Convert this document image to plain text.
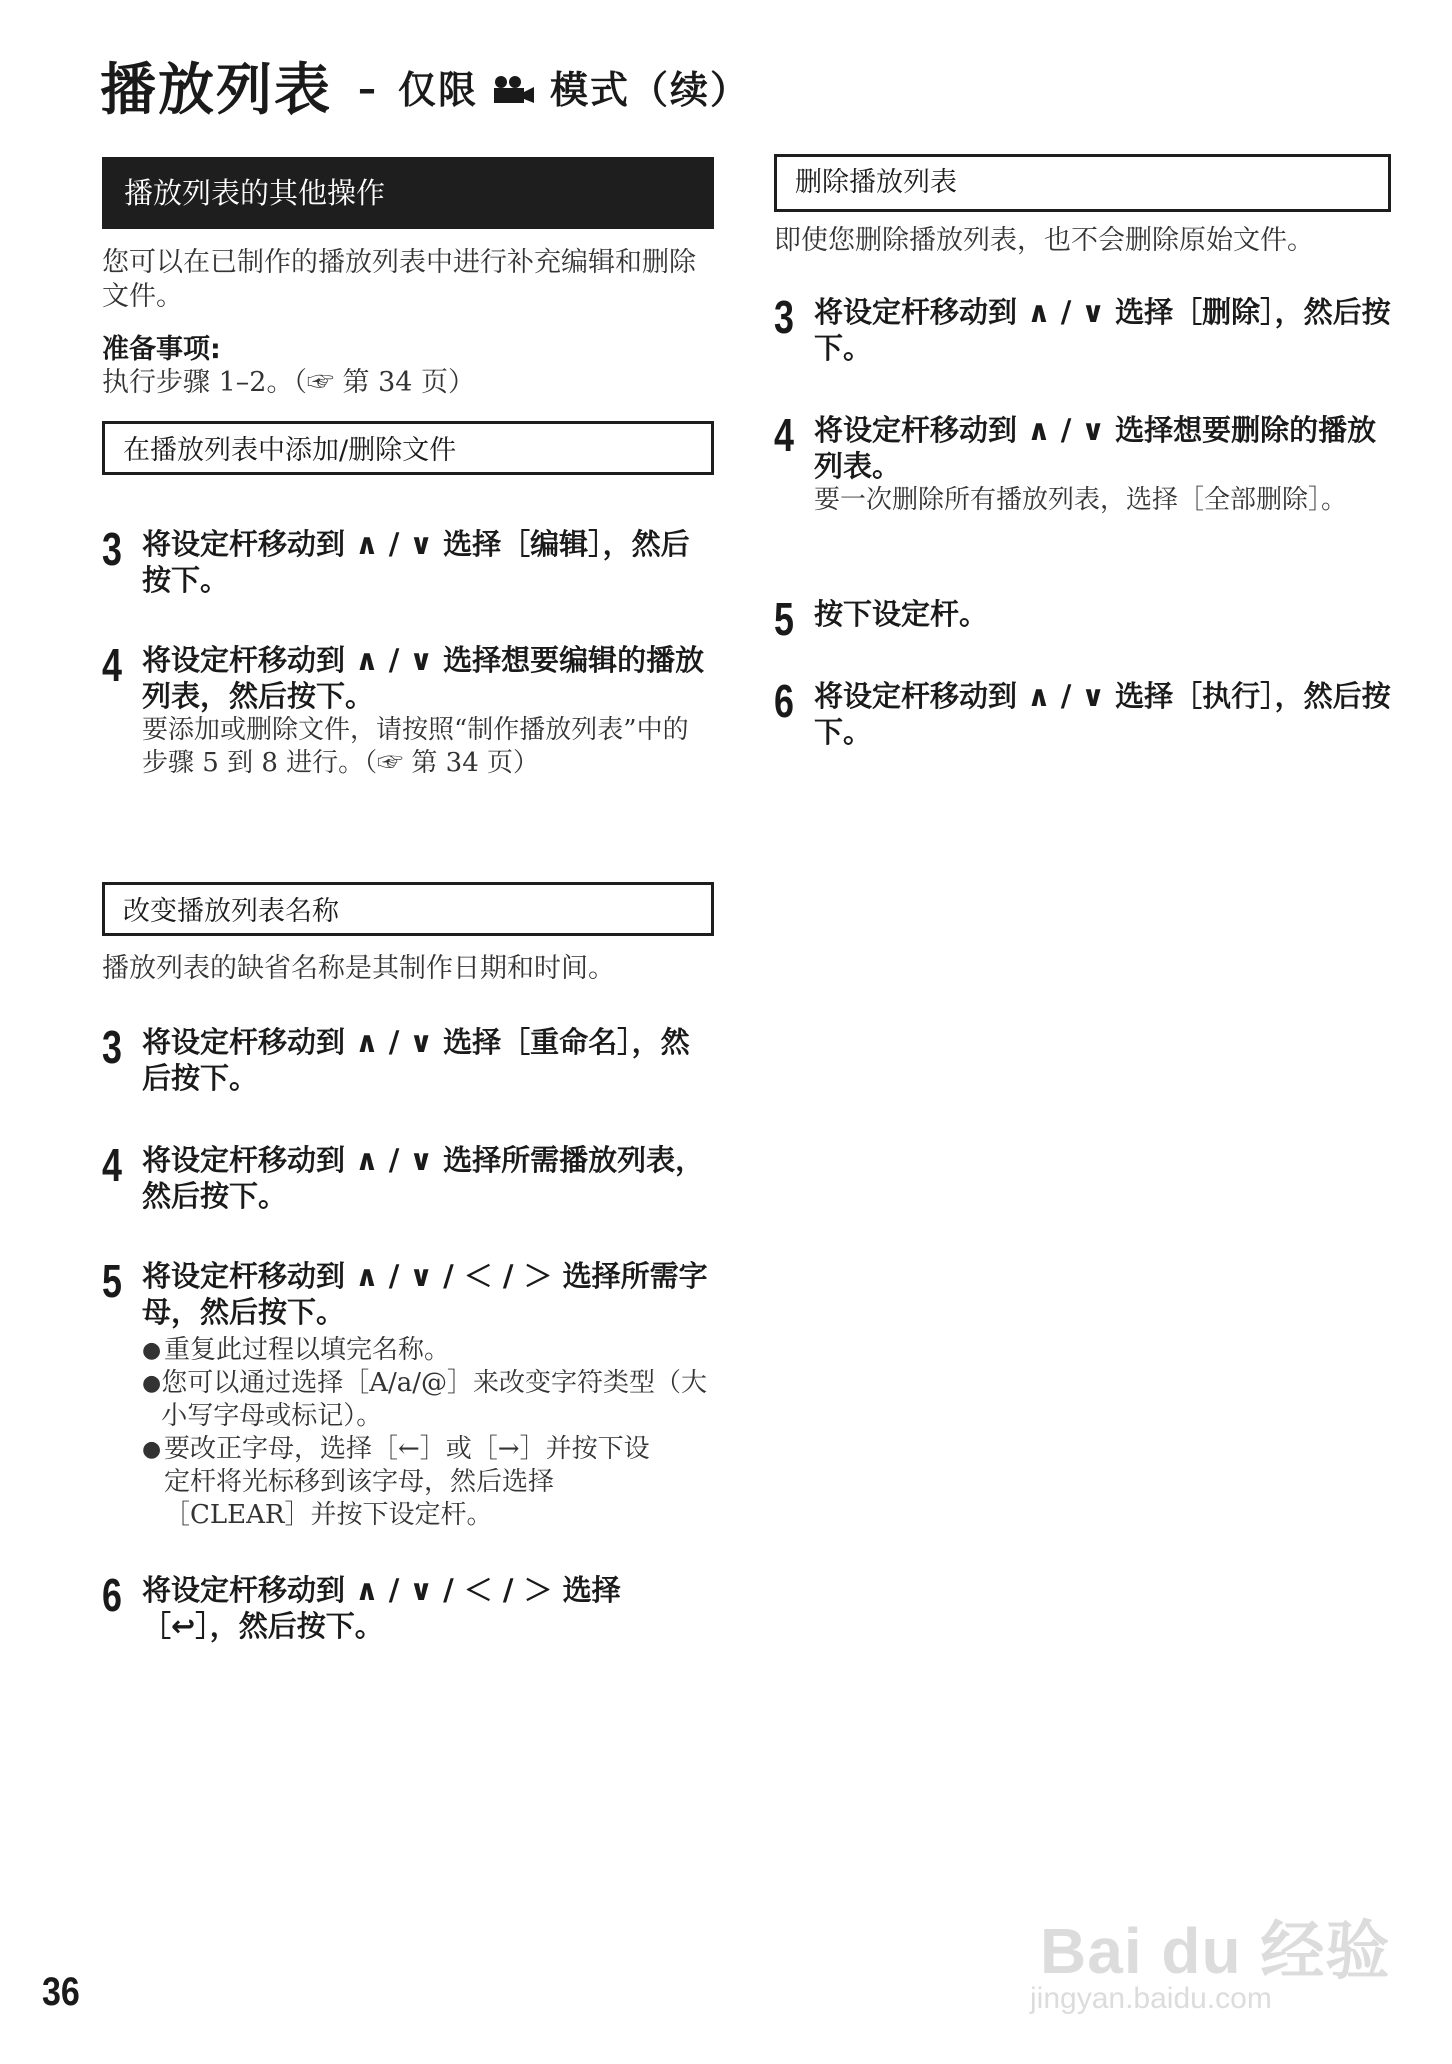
播放列表 – 仅限 模式（续）
播放列表的其他操作
您可以在已制作的播放列表中进行补充编辑和删除文件。
准备事项:
执行步骤 1–2。（☞ 第 34 页）
在播放列表中添加/删除文件
3 将设定杆移动到 ∧ / ∨ 选择［编辑］，然后按下。
4 将设定杆移动到 ∧ / ∨ 选择想要编辑的播放列表，然后按下。
要添加或删除文件，请按照“制作播放列表”中的步骤 5 到 8 进行。（☞ 第 34 页）
改变播放列表名称
播放列表的缺省名称是其制作日期和时间。
3 将设定杆移动到 ∧ / ∨ 选择［重命名］，然后按下。
4 将设定杆移动到 ∧ / ∨ 选择所需播放列表，然后按下。
5 将设定杆移动到 ∧ / ∨ / ＜ / ＞ 选择所需字母，然后按下。
● 重复此过程以填完名称。
● 您可以通过选择［A/a/@］来改变字符类型（大小写字母或标记）。
● 要改正字母，选择［←］或［→］并按下设定杆将光标移到该字母，然后选择［CLEAR］并按下设定杆。
6 将设定杆移动到 ∧ / ∨ / ＜ / ＞ 选择［↩］，然后按下。
删除播放列表
即使您删除播放列表，也不会删除原始文件。
3 将设定杆移动到 ∧ / ∨ 选择［删除］，然后按下。
4 将设定杆移动到 ∧ / ∨ 选择想要删除的播放列表。
要一次删除所有播放列表，选择［全部删除］。
5 按下设定杆。
6 将设定杆移动到 ∧ / ∨ 选择［执行］，然后按下。
36
Bai du 经验
jingyan.baidu.com
